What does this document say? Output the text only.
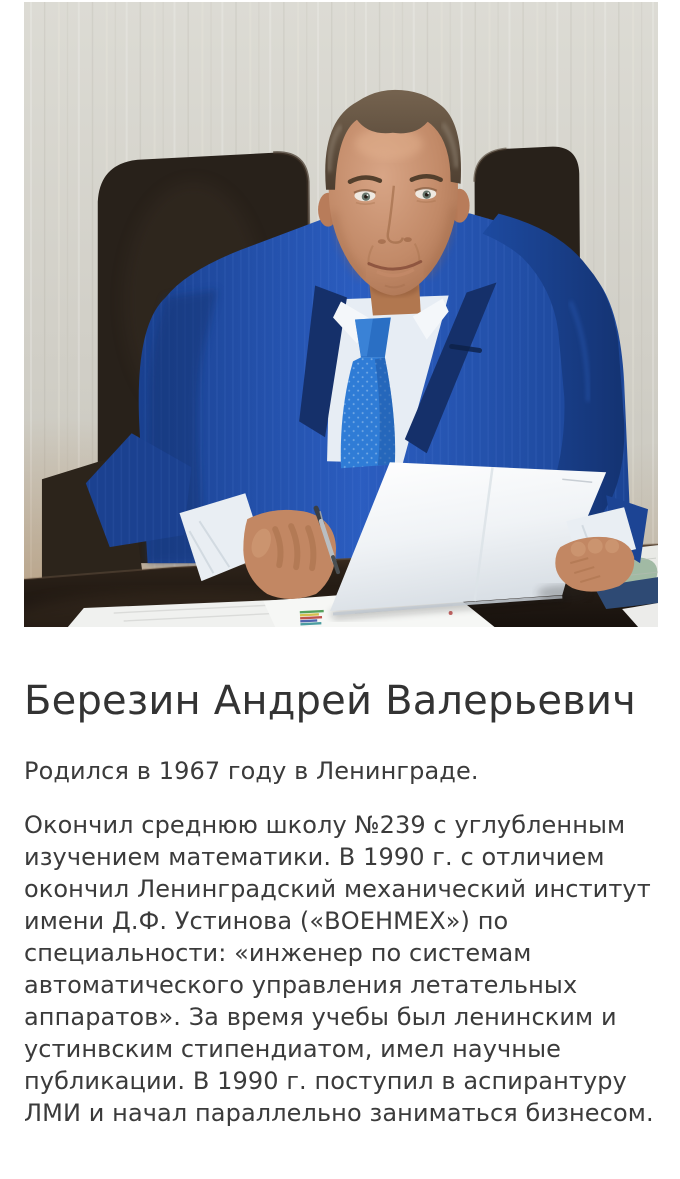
Березин Андрей Валерьевич

Родился в 1967 году в Ленинграде.

Окончил среднюю школу №239 с углубленным изучением математики. В 1990 г. с отличием окончил Ленинградский механический институт имени Д.Ф. Устинова («ВОЕНМЕХ») по специальности: «инженер по системам автоматического управления летательных аппаратов». За время учебы был ленинским и устинвским стипендиатом, имел научные публикации. В 1990 г. поступил в аспирантуру ЛМИ и начал параллельно заниматься бизнесом.
